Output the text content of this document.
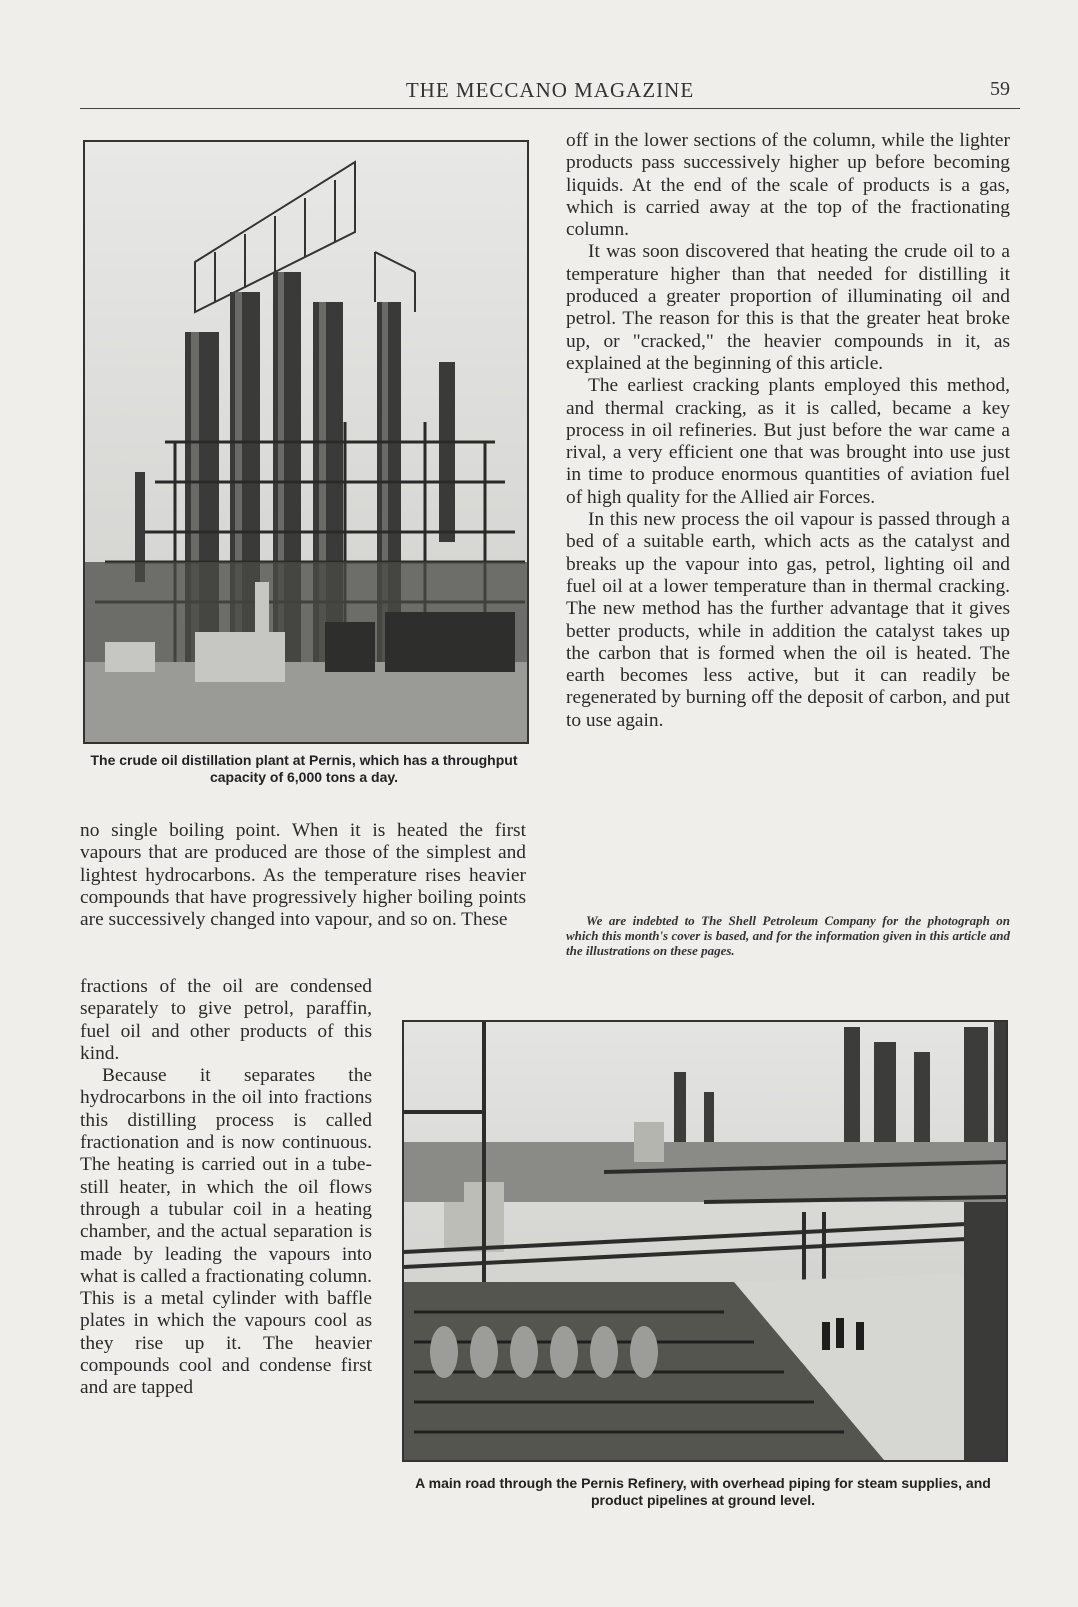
THE MECCANO MAGAZINE	59
The crude oil distillation plant at Pernis, which has a throughput capacity of 6,000 tons a day.

no single boiling point. When it is heated the first vapours that are produced are those of the simplest and lightest hydrocarbons. As the temperature rises heavier compounds that have progressively higher boiling points are successively changed into vapour, and so on. These

fractions of the oil are condensed separately to give petrol, paraffin, fuel oil and other products of this kind.

Because it separates the hydrocarbons in the oil into fractions this distilling process is called fractionation and is now continuous. The heating is carried out in a tube-still heater, in which the oil flows through a tubular coil in a heating chamber, and the actual separation is made by leading the vapours into what is called a fractionating column. This is a metal cylinder with baffle plates in which the vapours cool as they rise up it. The heavier compounds cool and condense first and are tapped

off in the lower sections of the column, while the lighter products pass successively higher up before becoming liquids. At the end of the scale of products is a gas, which is carried away at the top of the fractionating column.

It was soon discovered that heating the crude oil to a temperature higher than that needed for distilling it produced a greater proportion of illuminating oil and petrol. The reason for this is that the greater heat broke up, or "cracked," the heavier compounds in it, as explained at the beginning of this article.

The earliest cracking plants employed this method, and thermal cracking, as it is called, became a key process in oil refineries. But just before the war came a rival, a very efficient one that was brought into use just in time to produce enormous quantities of aviation fuel of high quality for the Allied air Forces.

In this new process the oil vapour is passed through a bed of a suitable earth, which acts as the catalyst and breaks up the vapour into gas, petrol, lighting oil and fuel oil at a lower temperature than in thermal cracking. The new method has the further advantage that it gives better products, while in addition the catalyst takes up the carbon that is formed when the oil is heated. The earth becomes less active, but it can readily be regenerated by burning off the deposit of carbon, and put to use again.

We are indebted to The Shell Petroleum Company for the photograph on which this month's cover is based, and for the information given in this article and the illustrations on these pages.
A main road through the Pernis Refinery, with overhead piping for steam supplies, and product pipelines at ground level.
